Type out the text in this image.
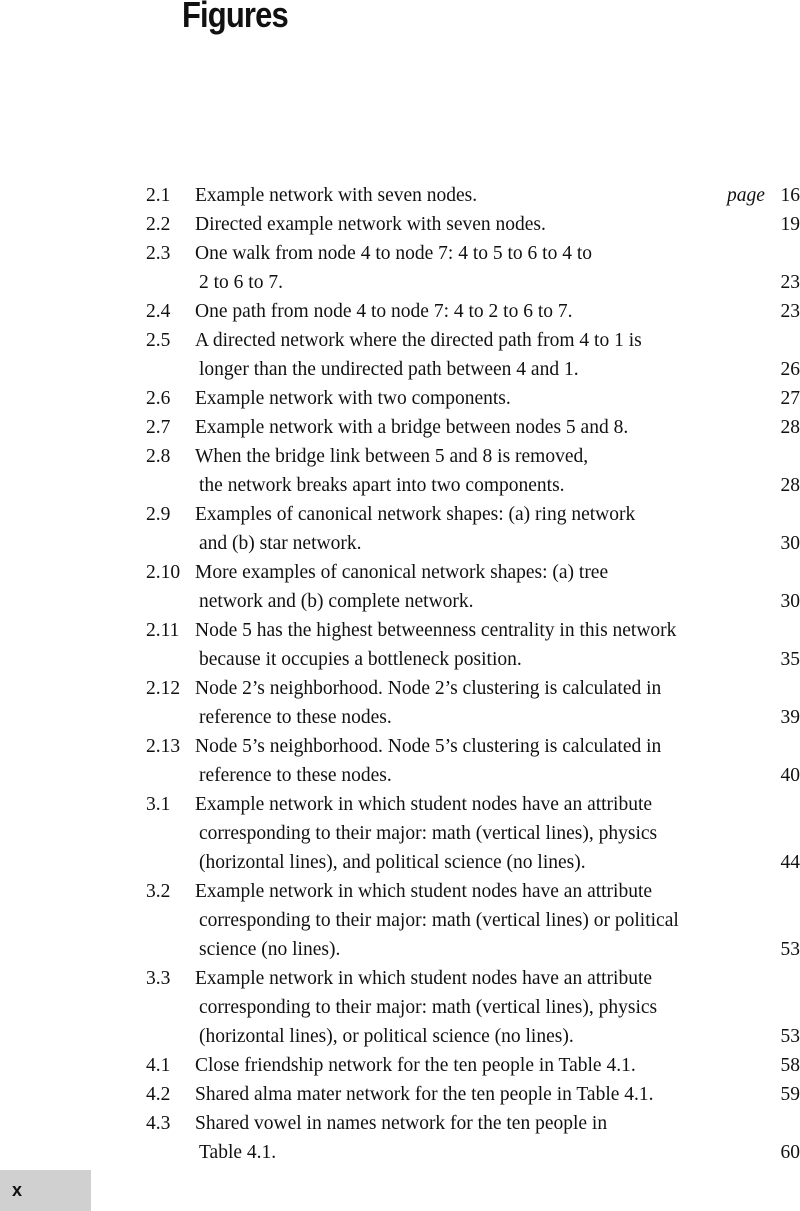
Figures
2.1 Example network with seven nodes.	page 16
2.2 Directed example network with seven nodes.	19
2.3 One walk from node 4 to node 7: 4 to 5 to 6 to 4 to
2 to 6 to 7.	23
2.4 One path from node 4 to node 7: 4 to 2 to 6 to 7.	23
2.5 A directed network where the directed path from 4 to 1 is
longer than the undirected path between 4 and 1.	26
2.6 Example network with two components.	27
2.7 Example network with a bridge between nodes 5 and 8.	28
2.8 When the bridge link between 5 and 8 is removed,
the network breaks apart into two components.	28
2.9 Examples of canonical network shapes: (a) ring network
and (b) star network.	30
2.10 More examples of canonical network shapes: (a) tree
network and (b) complete network.	30
2.11 Node 5 has the highest betweenness centrality in this network
because it occupies a bottleneck position.	35
2.12 Node 2’s neighborhood. Node 2’s clustering is calculated in
reference to these nodes.	39
2.13 Node 5’s neighborhood. Node 5’s clustering is calculated in
reference to these nodes.	40
3.1 Example network in which student nodes have an attribute
corresponding to their major: math (vertical lines), physics
(horizontal lines), and political science (no lines).	44
3.2 Example network in which student nodes have an attribute
corresponding to their major: math (vertical lines) or political
science (no lines).	53
3.3 Example network in which student nodes have an attribute
corresponding to their major: math (vertical lines), physics
(horizontal lines), or political science (no lines).	53
4.1 Close friendship network for the ten people in Table 4.1.	58
4.2 Shared alma mater network for the ten people in Table 4.1.	59
4.3 Shared vowel in names network for the ten people in
Table 4.1.	60
x
